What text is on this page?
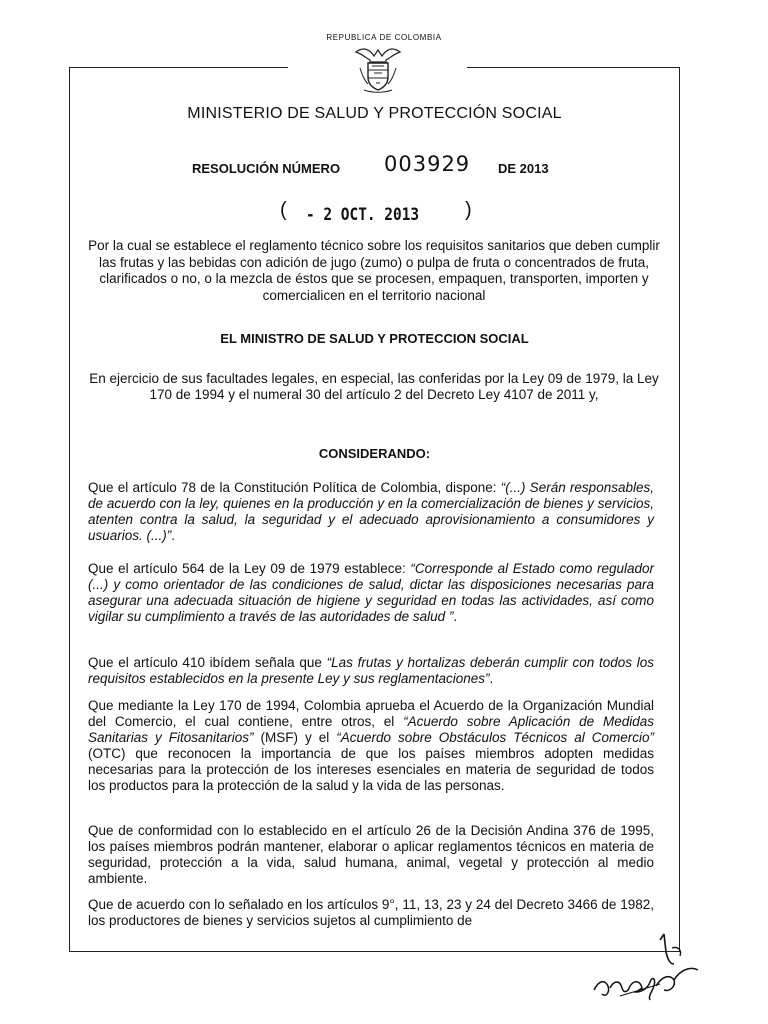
REPUBLICA DE COLOMBIA
MINISTERIO DE SALUD Y PROTECCIÓN SOCIAL
RESOLUCIÓN NÚMERO 003929 DE 2013
( - 2 OCT. 2013 )
Por la cual se establece el reglamento técnico sobre los requisitos sanitarios que deben cumplir las frutas y las bebidas con adición de jugo (zumo) o pulpa de fruta o concentrados de fruta, clarificados o no, o la mezcla de éstos que se procesen, empaquen, transporten, importen y comercialicen en el territorio nacional
EL MINISTRO DE SALUD Y PROTECCION SOCIAL
En ejercicio de sus facultades legales, en especial, las conferidas por la Ley 09 de 1979, la Ley 170 de 1994 y el numeral 30 del artículo 2 del Decreto Ley 4107 de 2011 y,
CONSIDERANDO:

Que el artículo 78 de la Constitución Política de Colombia, dispone: “(...) Serán responsables, de acuerdo con la ley, quienes en la producción y en la comercialización de bienes y servicios, atenten contra la salud, la seguridad y el adecuado aprovisionamiento a consumidores y usuarios. (...)”.

Que el artículo 564 de la Ley 09 de 1979 establece: “Corresponde al Estado como regulador (...) y como orientador de las condiciones de salud, dictar las disposiciones necesarias para asegurar una adecuada situación de higiene y seguridad en todas las actividades, así como vigilar su cumplimiento a través de las autoridades de salud ”.

Que el artículo 410 ibídem señala que “Las frutas y hortalizas deberán cumplir con todos los requisitos establecidos en la presente Ley y sus reglamentaciones”.

Que mediante la Ley 170 de 1994, Colombia aprueba el Acuerdo de la Organización Mundial del Comercio, el cual contiene, entre otros, el “Acuerdo sobre Aplicación de Medidas Sanitarias y Fitosanitarios” (MSF) y el “Acuerdo sobre Obstáculos Técnicos al Comercio” (OTC) que reconocen la importancia de que los países miembros adopten medidas necesarias para la protección de los intereses esenciales en materia de seguridad de todos los productos para la protección de la salud y la vida de las personas.

Que de conformidad con lo establecido en el artículo 26 de la Decisión Andina 376 de 1995, los países miembros podrán mantener, elaborar o aplicar reglamentos técnicos en materia de seguridad, protección a la vida, salud humana, animal, vegetal y protección al medio ambiente.

Que de acuerdo con lo señalado en los artículos 9°, 11, 13, 23 y 24 del Decreto 3466 de 1982, los productores de bienes y servicios sujetos al cumplimiento de
